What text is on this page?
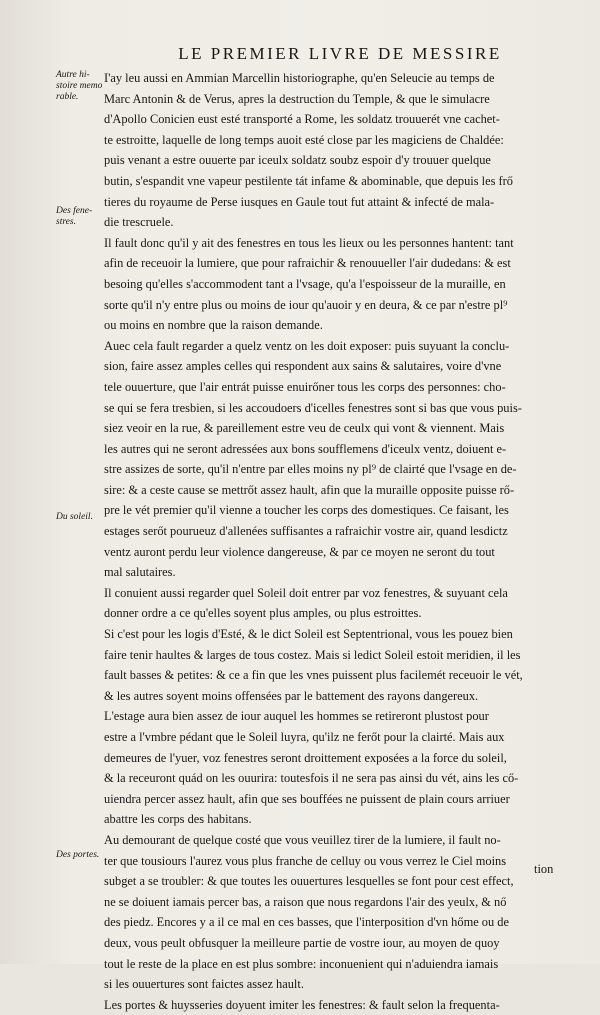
LE PREMIER LIVRE DE MESSIRE
Autre hi-
stoire memo
rable.
Des fene-
stres.
Du soleil.
Des portes.
I'ay leu aussi en Ammian Marcellin historiographe, qu'en Seleucie au temps de
Marc Antonin & de Verus, apres la destruction du Temple, & que le simulacre
d'Apollo Conicien eust esté transporté a Rome, les soldatz trouuerét vne cachet-
te estroitte, laquelle de long temps auoit esté close par les magiciens de Chaldée:
puis venant a estre ouuerte par iceulx soldatz soubz espoir d'y trouuer quelque
butin, s'espandit vne vapeur pestilente tát infame & abominable, que depuis les frő
tieres du royaume de Perse iusques en Gaule tout fut attaint & infecté de mala-
die trescruele.
Il fault donc qu'il y ait des fenestres en tous les lieux ou les personnes hantent: tant
afin de receuoir la lumiere, que pour rafraichir & renouueller l'air dudedans: & est
besoing qu'elles s'accommodent tant a l'vsage, qu'a l'espoisseur de la muraille, en
sorte qu'il n'y entre plus ou moins de iour qu'auoir y en deura, & ce par n'estre pl⁹
ou moins en nombre que la raison demande.
Auec cela fault regarder a quelz ventz on les doit exposer: puis suyuant la conclu-
sion, faire assez amples celles qui respondent aux sains & salutaires, voire d'vne
tele ouuerture, que l'air entrát puisse enuirőner tous les corps des personnes: cho-
se qui se fera tresbien, si les accoudoers d'icelles fenestres sont si bas que vous puis-
siez veoir en la rue, & pareillement estre veu de ceulx qui vont & viennent. Mais
les autres qui ne seront adressées aux bons soufflemens d'iceulx ventz, doiuent e-
stre assizes de sorte, qu'il n'entre par elles moins ny pl⁹ de clairté que l'vsage en de-
sire: & a ceste cause se mettrőt assez hault, afin que la muraille opposite puisse rő-
pre le vét premier qu'il vienne a toucher les corps des domestiques. Ce faisant, les
estages serőt pourueuz d'allenées suffisantes a rafraichir vostre air, quand lesdictz
ventz auront perdu leur violence dangereuse, & par ce moyen ne seront du tout
mal salutaires.
Il conuient aussi regarder quel Soleil doit entrer par voz fenestres, & suyuant cela
donner ordre a ce qu'elles soyent plus amples, ou plus estroittes.
Si c'est pour les logis d'Esté, & le dict Soleil est Septentrional, vous les pouez bien
faire tenir haultes & larges de tous costez. Mais si ledict Soleil estoit meridien, il les
fault basses & petites: & ce a fin que les vnes puissent plus facilemét receuoir le vét,
& les autres soyent moins offensées par le battement des rayons dangereux.
L'estage aura bien assez de iour auquel les hommes se retireront plustost pour
estre a l'vmbre pédant que le Soleil luyra, qu'ilz ne ferőt pour la clairté. Mais aux
demeures de l'yuer, voz fenestres seront droittement exposées a la force du soleil,
& la receuront quád on les ouurira: toutesfois il ne sera pas ainsi du vét, ains les cő-
uiendra percer assez hault, afin que ses bouffées ne puissent de plain cours arriuer
abattre les corps des habitans.
Au demourant de quelque costé que vous veuillez tirer de la lumiere, il fault no-
ter que tousiours l'aurez vous plus franche de celluy ou vous verrez le Ciel moins
subget a se troubler: & que toutes les ouuertures lesquelles se font pour cest effect,
ne se doiuent iamais percer bas, a raison que nous regardons l'air des yeulx, & nő
des piedz. Encores y a il ce mal en ces basses, que l'interposition d'vn hőme ou de
deux, vous peult obfusquer la meilleure partie de vostre iour, au moyen de quoy
tout le reste de la place en est plus sombre: inconuenient qui n'aduiendra iamais
si les ouuertures sont faictes assez hault.
Les portes & huysseries doyuent imiter les fenestres: & fault selon la frequenta-
tion
